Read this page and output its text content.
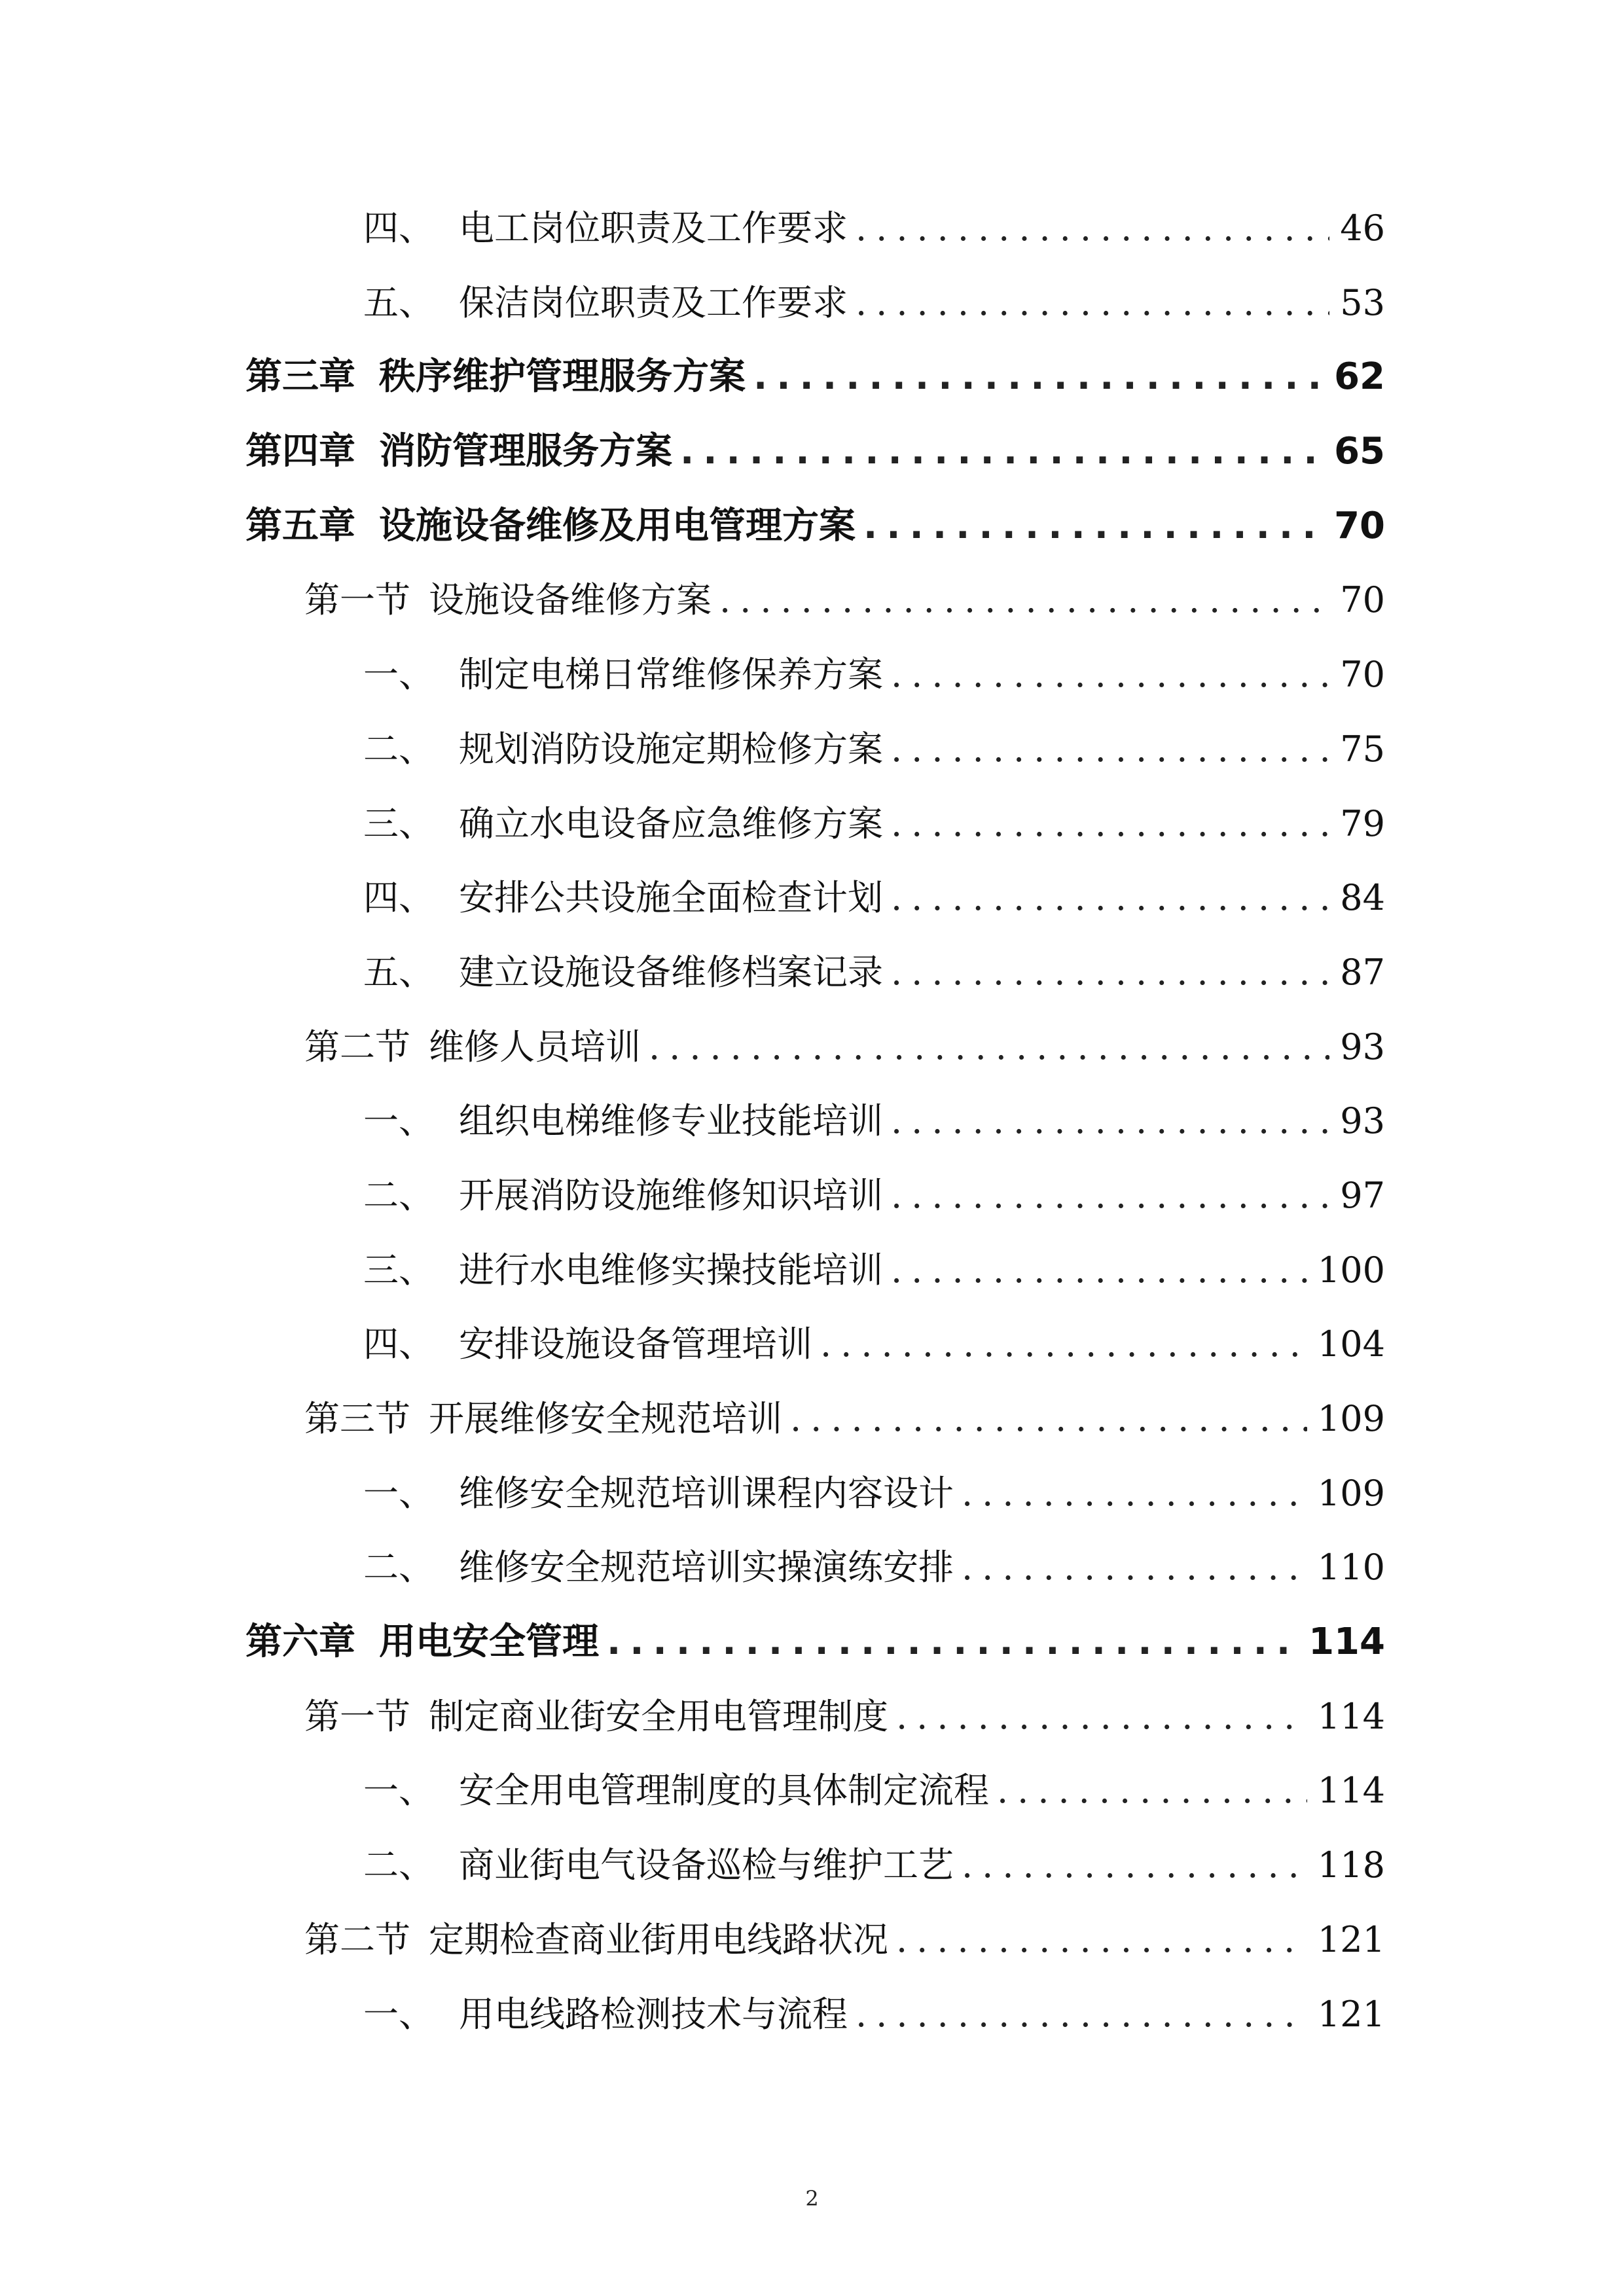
四、 电工岗位职责及工作要求 .....	46
五、 保洁岗位职责及工作要求 .....	53
第三章 秩序维护管理服务方案 .....	62
第四章 消防管理服务方案 .....	65
第五章 设施设备维修及用电管理方案 .....	70
第一节 设施设备维修方案 .....	70
一、 制定电梯日常维修保养方案 .....	70
二、 规划消防设施定期检修方案 .....	75
三、 确立水电设备应急维修方案 .....	79
四、 安排公共设施全面检查计划 .....	84
五、 建立设施设备维修档案记录 .....	87
第二节 维修人员培训 .....	93
一、 组织电梯维修专业技能培训 .....	93
二、 开展消防设施维修知识培训 .....	97
三、 进行水电维修实操技能培训 .....	100
四、 安排设施设备管理培训 .....	104
第三节 开展维修安全规范培训 .....	109
一、 维修安全规范培训课程内容设计 .....	109
二、 维修安全规范培训实操演练安排 .....	110
第六章 用电安全管理 .....	114
第一节 制定商业街安全用电管理制度 .....	114
一、 安全用电管理制度的具体制定流程 .....	114
二、 商业街电气设备巡检与维护工艺 .....	118
第二节 定期检查商业街用电线路状况 .....	121
一、 用电线路检测技术与流程 .....	121
2
